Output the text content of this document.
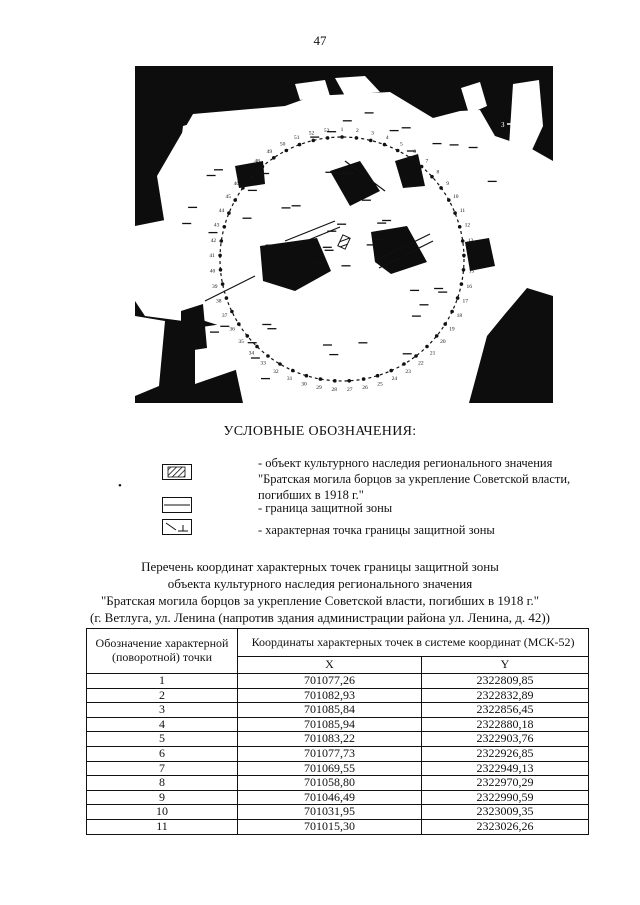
47
1 2 3
4
5
6
7
8
9
10
11
12
13
14
15
16
17
18
19
20
21
22
23
24
25
26
27
28
29
30
31
32
33
34
35
36
37
38
39
40
41
42
43
44
45
46
47
48
49
50
51
52 53
С
В
Ю
З
•
УСЛОВНЫЕ ОБОЗНАЧЕНИЯ:
- объект культурного наследия регионального значения "Братская могила борцов за укрепление Советской власти, погибших в 1918 г."
- граница защитной зоны
- характерная точка границы защитной зоны
Перечень координат характерных точек границы защитной зоны
объекта культурного наследия регионального значения
"Братская могила борцов за укрепление Советской власти, погибших в 1918 г."
(г. Ветлуга, ул. Ленина (напротив здания администрации района ул. Ленина, д. 42))
Обозначение характерной (поворотной) точки	Координаты характерных точек в системе координат (МСК-52)	
	X	Y
1	701077,26	2322809,85
2	701082,93	2322832,89
3	701085,84	2322856,45
4	701085,94	2322880,18
5	701083,22	2322903,76
6	701077,73	2322926,85
7	701069,55	2322949,13
8	701058,80	2322970,29
9	701046,49	2322990,59
10	701031,95	2323009,35
11	701015,30	2323026,26
